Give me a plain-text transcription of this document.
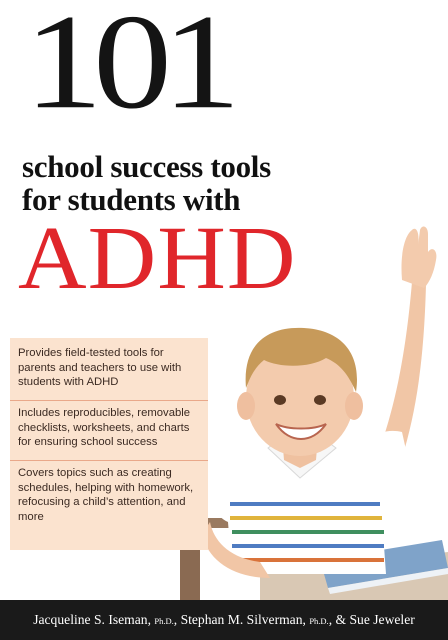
101
school success tools
for students with
ADHD

Provides field-tested tools for parents and teachers to use with students with ADHD

Includes reproducibles, removable checklists, worksheets, and charts for ensuring school success

Covers topics such as creating schedules, helping with homework, refocusing a child’s attention, and more

Jacqueline S. Iseman, Ph.D., Stephan M. Silverman, Ph.D., & Sue Jeweler
